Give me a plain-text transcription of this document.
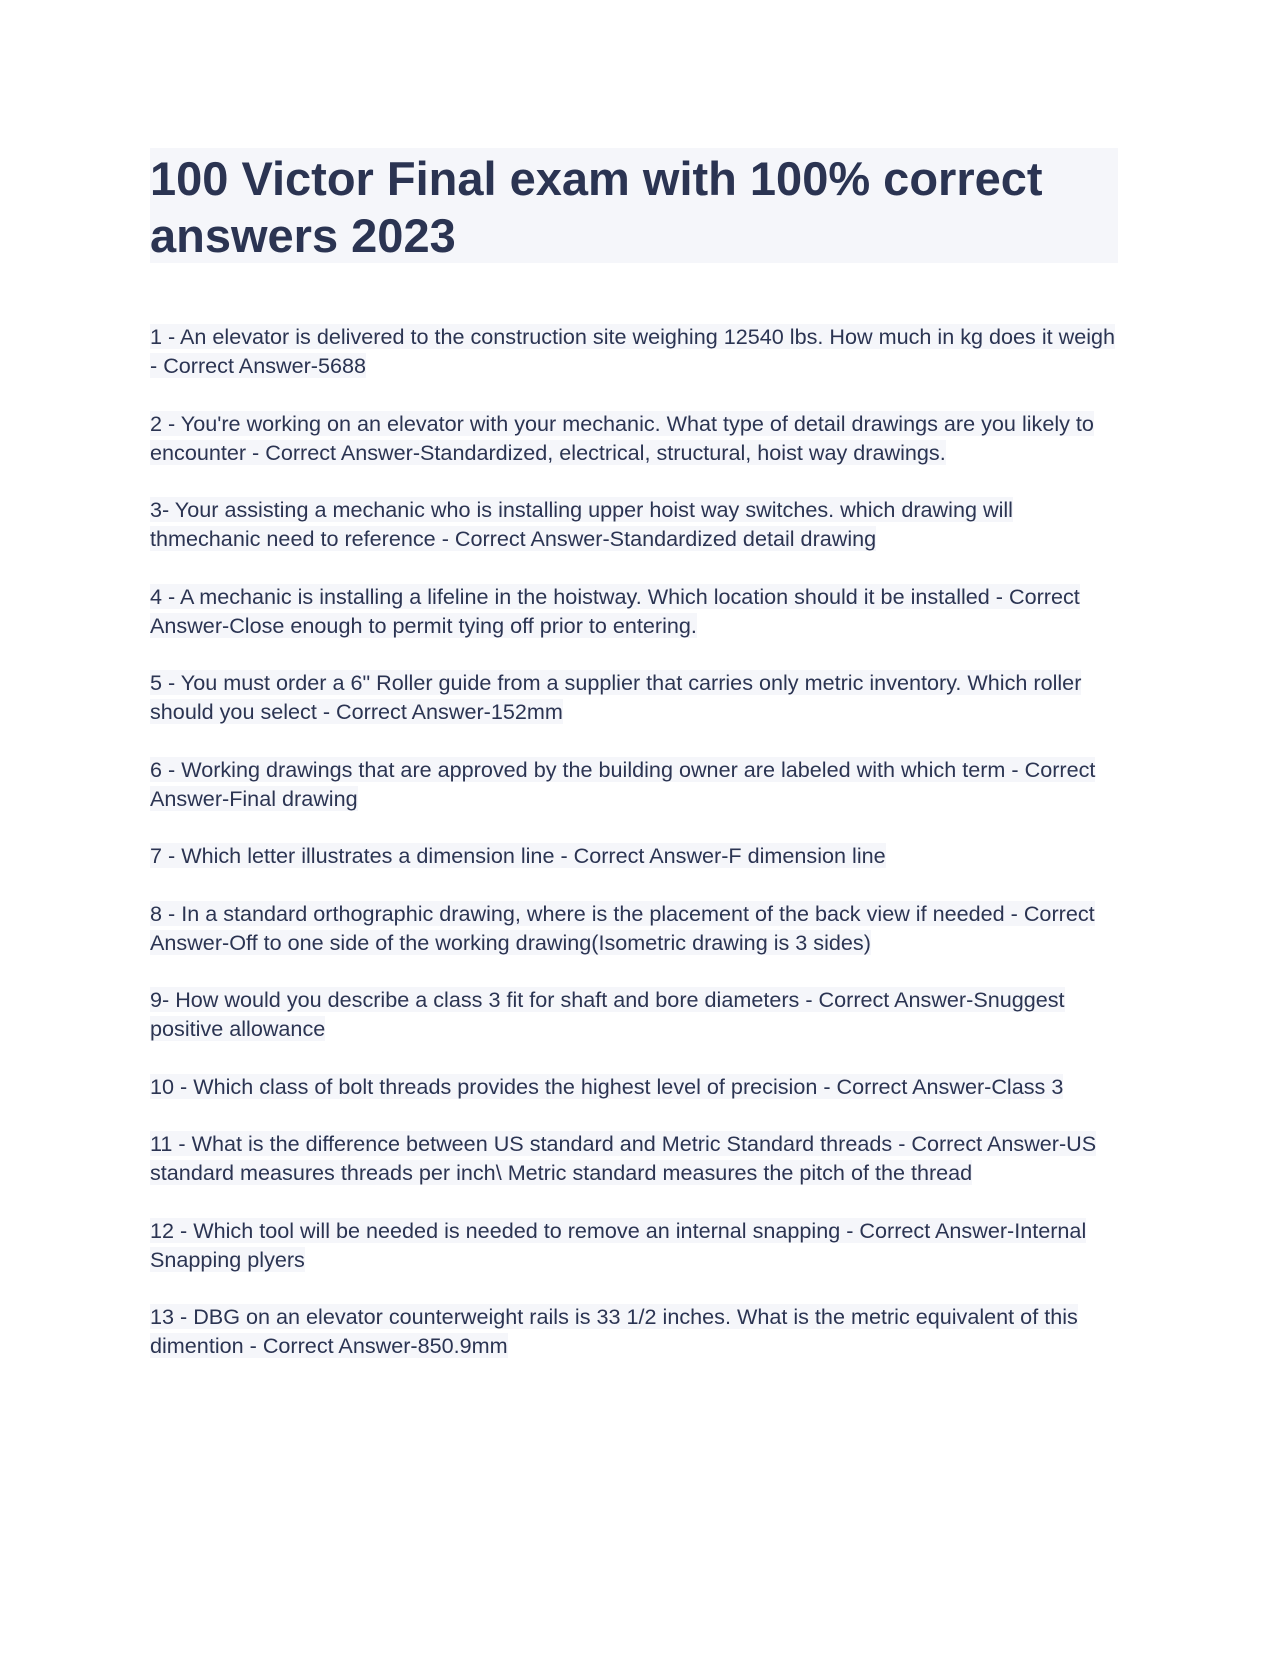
100 Victor Final exam with 100% correct answers 2023

1 - An elevator is delivered to the construction site weighing 12540 lbs. How much in kg does it weigh - Correct Answer-5688

2 - You're working on an elevator with your mechanic. What type of detail drawings are you likely to encounter - Correct Answer-Standardized, electrical, structural, hoist way drawings.

3- Your assisting a mechanic who is installing upper hoist way switches. which drawing will thmechanic need to reference - Correct Answer-Standardized detail drawing

4 - A mechanic is installing a lifeline in the hoistway. Which location should it be installed - Correct Answer-Close enough to permit tying off prior to entering.

5 - You must order a 6" Roller guide from a supplier that carries only metric inventory. Which roller should you select - Correct Answer-152mm

6 - Working drawings that are approved by the building owner are labeled with which term - Correct Answer-Final drawing

7 - Which letter illustrates a dimension line - Correct Answer-F dimension line

8 - In a standard orthographic drawing, where is the placement of the back view if needed - Correct Answer-Off to one side of the working drawing(Isometric drawing is 3 sides)

9- How would you describe a class 3 fit for shaft and bore diameters - Correct Answer-Snuggest positive allowance

10 - Which class of bolt threads provides the highest level of precision - Correct Answer-Class 3

11 - What is the difference between US standard and Metric Standard threads - Correct Answer-US standard measures threads per inch\ Metric standard measures the pitch of the thread

12 - Which tool will be needed is needed to remove an internal snapping - Correct Answer-Internal Snapping plyers

13 - DBG on an elevator counterweight rails is 33 1/2 inches. What is the metric equivalent of this dimention - Correct Answer-850.9mm
